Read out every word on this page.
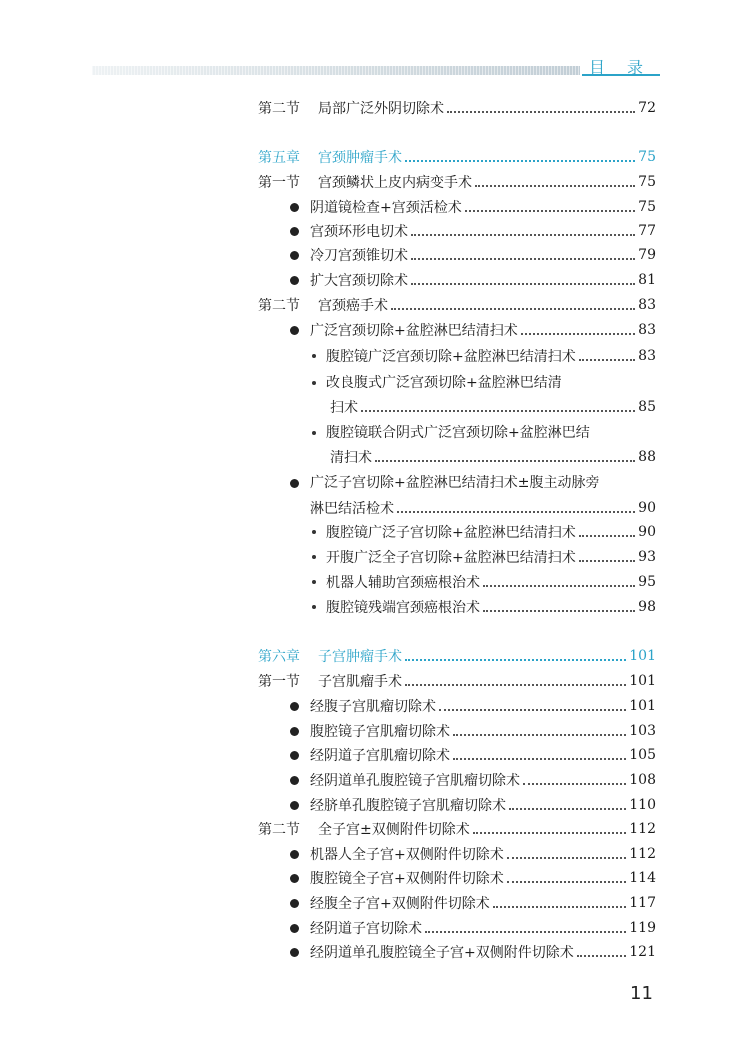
目录
第二节	局部广泛外阴切除术	72
第五章	宫颈肿瘤手术	75
第一节	宫颈鳞状上皮内病变手术	75
阴道镜检查+宫颈活检术	75
宫颈环形电切术	77
冷刀宫颈锥切术	79
扩大宫颈切除术	81
第二节	宫颈癌手术	83
广泛宫颈切除+盆腔淋巴结清扫术	83
腹腔镜广泛宫颈切除+盆腔淋巴结清扫术	83
改良腹式广泛宫颈切除+盆腔淋巴结清
扫术	85
腹腔镜联合阴式广泛宫颈切除+盆腔淋巴结
清扫术	88
广泛子宫切除+盆腔淋巴结清扫术±腹主动脉旁
淋巴结活检术	90
腹腔镜广泛子宫切除+盆腔淋巴结清扫术	90
开腹广泛全子宫切除+盆腔淋巴结清扫术	93
机器人辅助宫颈癌根治术	95
腹腔镜残端宫颈癌根治术	98
第六章	子宫肿瘤手术	101
第一节	子宫肌瘤手术	101
经腹子宫肌瘤切除术	101
腹腔镜子宫肌瘤切除术	103
经阴道子宫肌瘤切除术	105
经阴道单孔腹腔镜子宫肌瘤切除术	108
经脐单孔腹腔镜子宫肌瘤切除术	110
第二节	全子宫±双侧附件切除术	112
机器人全子宫+双侧附件切除术	112
腹腔镜全子宫+双侧附件切除术	114
经腹全子宫+双侧附件切除术	117
经阴道子宫切除术	119
经阴道单孔腹腔镜全子宫+双侧附件切除术	121
11
